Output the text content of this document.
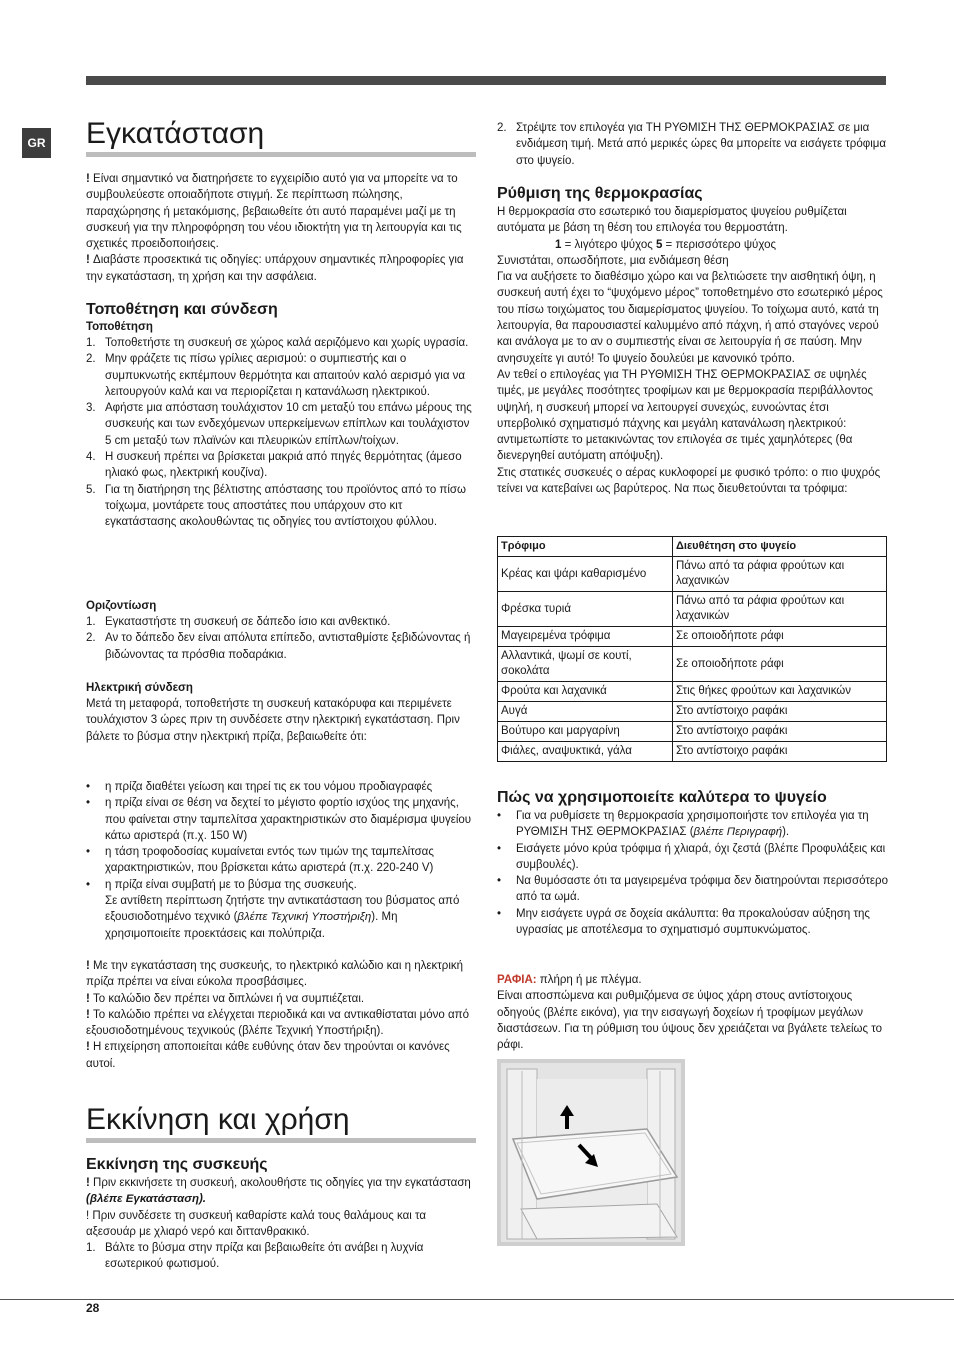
GR Εγκατάσταση

! Είναι σημαντικό να διατηρήσετε το εγχειρίδιο αυτό για να μπορείτε να το συμβουλεύεστε οποιαδήποτε στιγμή. Σε περίπτωση πώλησης, παραχώρησης ή μετακόμισης, βεβαιωθείτε ότι αυτό παραμένει μαζί με τη συσκευή για την πληροφόρηση του νέου ιδιοκτήτη για τη λειτουργία και τις σχετικές προειδοποιήσεις.

! Διαβάστε προσεκτικά τις οδηγίες: υπάρχουν σημαντικές πληροφορίες για την εγκατάσταση, τη χρήση και την ασφάλεια.

Τοποθέτηση και σύνδεση
Τοποθέτηση
1. Τοποθετήστε τη συσκευή σε χώρος καλά αεριζόμενο και χωρίς υγρασία.
2. Μην φράζετε τις πίσω γρίλιες αερισμού: ο συμπιεστής και ο συμπυκνωτής εκπέμπουν θερμότητα και απαιτούν καλό αερισμό για να λειτουργούν καλά και να περιορίζεται η κατανάλωση ηλεκτρικού.
3. Αφήστε μια απόσταση τουλάχιστον 10 cm μεταξύ του επάνω μέρους της συσκευής και των ενδεχόμενων υπερκείμενων επίπλων και τουλάχιστον 5 cm μεταξύ των πλαϊνών και πλευρικών επίπλων/τοίχων.
4. Η συσκευή πρέπει να βρίσκεται μακριά από πηγές θερμότητας (άμεσο ηλιακό φως, ηλεκτρική κουζίνα).
5. Για τη διατήρηση της βέλτιστης απόστασης του προϊόντος από το πίσω τοίχωμα, μοντάρετε τους αποστάτες που υπάρχουν στο κιτ εγκατάστασης ακολουθώντας τις οδηγίες του αντίστοιχου φύλλου.
Οριζοντίωση
1. Εγκαταστήστε τη συσκευή σε δάπεδο ίσιο και ανθεκτικό.
2. Αν το δάπεδο δεν είναι απόλυτα επίπεδο, αντισταθμίστε ξεβιδώνοντας ή βιδώνοντας τα πρόσθια ποδαράκια.
Ηλεκτρική σύνδεση

Μετά τη μεταφορά, τοποθετήστε τη συσκευή κατακόρυφα και περιμένετε τουλάχιστον 3 ώρες πριν τη συνδέσετε στην ηλεκτρική εγκατάσταση. Πριν βάλετε το βύσμα στην ηλεκτρική πρίζα, βεβαιωθείτε ότι:

• η πρίζα διαθέτει γείωση και τηρεί τις εκ του νόμου προδιαγραφές
• η πρίζα είναι σε θέση να δεχτεί το μέγιστο φορτίο ισχύος της μηχανής, που φαίνεται στην ταμπελίτσα χαρακτηριστικών στο διαμέρισμα ψυγείου κάτω αριστερά (π.χ. 150 W)
• η τάση τροφοδοσίας κυμαίνεται εντός των τιμών της ταμπελίτσας χαρακτηριστικών, που βρίσκεται κάτω αριστερά (π.χ. 220-240 V)
• η πρίζα είναι συμβατή με το βύσμα της συσκευής.
Σε αντίθετη περίπτωση ζητήστε την αντικατάσταση του βύσματος από εξουσιοδοτημένο τεχνικό (βλέπε Τεχνική Υποστήριξη). Μη χρησιμοποιείτε προεκτάσεις και πολύπριζα.

! Με την εγκατάσταση της συσκευής, το ηλεκτρικό καλώδιο και η ηλεκτρική πρίζα πρέπει να είναι εύκολα προσβάσιμες.

! Το καλώδιο δεν πρέπει να διπλώνει ή να συμπιέζεται.

! Το καλώδιο πρέπει να ελέγχεται περιοδικά και να αντικαθίσταται μόνο από εξουσιοδοτημένους τεχνικούς (βλέπε Τεχνική Υποστήριξη).

! Η επιχείρηση αποποιείται κάθε ευθύνης όταν δεν τηρούνται οι κανόνες αυτοί.

Εκκίνηση και χρήση
Εκκίνηση της συσκευής

! Πριν εκκινήσετε τη συσκευή, ακολουθήστε τις οδηγίες για την εγκατάσταση (βλέπε Εγκατάσταση).

! Πριν συνδέσετε τη συσκευή καθαρίστε καλά τους θαλάμους και τα αξεσουάρ με χλιαρό νερό και διττανθρακικό.

1. Βάλτε το βύσμα στην πρίζα και βεβαιωθείτε ότι ανάβει η λυχνία εσωτερικού φωτισμού.
2. Στρέψτε τον επιλογέα για ΤΗ ΡΥΘΜΙΣΗ ΤΗΣ ΘΕΡΜΟΚΡΑΣΙΑΣ σε μια ενδιάμεση τιμή. Μετά από μερικές ώρες θα μπορείτε να εισάγετε τρόφιμα στο ψυγείο.
Ρύθμιση της θερμοκρασίας

Η θερμοκρασία στο εσωτερικό του διαμερίσματος ψυγείου ρυθμίζεται αυτόματα με βάση τη θέση του επιλογέα του θερμοστάτη.

1 = λιγότερο ψύχος 5 = περισσότερο ψύχος

Συνιστάται, οπωσδήποτε, μια ενδιάμεση θέση

Για να αυξήσετε το διαθέσιμο χώρο και να βελτιώσετε την αισθητική όψη, η συσκευή αυτή έχει το “ψυχόμενο μέρος” τοποθετημένο στο εσωτερικό μέρος του πίσω τοιχώματος του διαμερίσματος ψυγείου. Το τοίχωμα αυτό, κατά τη λειτουργία, θα παρουσιαστεί καλυμμένο από πάχνη, ή από σταγόνες νερού και ανάλογα με το αν ο συμπιεστής είναι σε λειτουργία ή σε παύση. Μην ανησυχείτε γι αυτό! Το ψυγείο δουλεύει με κανονικό τρόπο.

Αν τεθεί ο επιλογέας για ΤΗ ΡΥΘΜΙΣΗ ΤΗΣ ΘΕΡΜΟΚΡΑΣΙΑΣ σε υψηλές τιμές, με μεγάλες ποσότητες τροφίμων και με θερμοκρασία περιβάλλοντος υψηλή, η συσκευή μπορεί να λειτουργεί συνεχώς, ευνοώντας έτσι υπερβολικό σχηματισμό πάχνης και μεγάλη κατανάλωση ηλεκτρικού: αντιμετωπίστε το μετακινώντας τον επιλογέα σε τιμές χαμηλότερες (θα διενεργηθεί αυτόματη απόψυξη).

Στις στατικές συσκευές ο αέρας κυκλοφορεί με φυσικό τρόπο: ο πιο ψυχρός τείνει να κατεβαίνει ως βαρύτερος. Να πως διευθετούνται τα τρόφιμα:

Τρόφιμο	Διευθέτηση στο ψυγείο
Κρέας και ψάρι καθαρισμένο	Πάνω από τα ράφια φρούτων και λαχανικών
Φρέσκα τυριά	Πάνω από τα ράφια φρούτων και λαχανικών
Μαγειρεμένα τρόφιμα	Σε οποιοδήποτε ράφι
Αλλαντικά, ψωμί σε κουτί, σοκολάτα	Σε οποιοδήποτε ράφι
Φρούτα και λαχανικά	Στις θήκες φρούτων και λαχανικών
Αυγά	Στο αντίστοιχο ραφάκι
Βούτυρο και μαργαρίνη	Στο αντίστοιχο ραφάκι
Φιάλες, αναψυκτικά, γάλα	Στο αντίστοιχο ραφάκι
Πώς να χρησιμοποιείτε καλύτερα το ψυγείο
• Για να ρυθμίσετε τη θερμοκρασία χρησιμοποιήστε τον επιλογέα για τη ΡΥΘΜΙΣΗ ΤΗΣ ΘΕΡΜΟΚΡΑΣΙΑΣ (βλέπε Περιγραφή).
• Εισάγετε μόνο κρύα τρόφιμα ή χλιαρά, όχι ζεστά (βλέπε Προφυλάξεις και συμβουλές).
• Να θυμόσαστε ότι τα μαγειρεμένα τρόφιμα δεν διατηρούνται περισσότερο από τα ωμά.
• Μην εισάγετε υγρά σε δοχεία ακάλυπτα: θα προκαλούσαν αύξηση της υγρασίας με αποτέλεσμα το σχηματισμό συμπυκνώματος.

ΡΑΦΙΑ: πλήρη ή με πλέγμα.

Είναι αποσπώμενα και ρυθμιζόμενα σε ύψος χάρη στους αντίστοιχους οδηγούς (βλέπε εικόνα), για την εισαγωγή δοχείων ή τροφίμων μεγάλων διαστάσεων. Για τη ρύθμιση του ύψους δεν χρειάζεται να βγάλετε τελείως το ράφι.

28
